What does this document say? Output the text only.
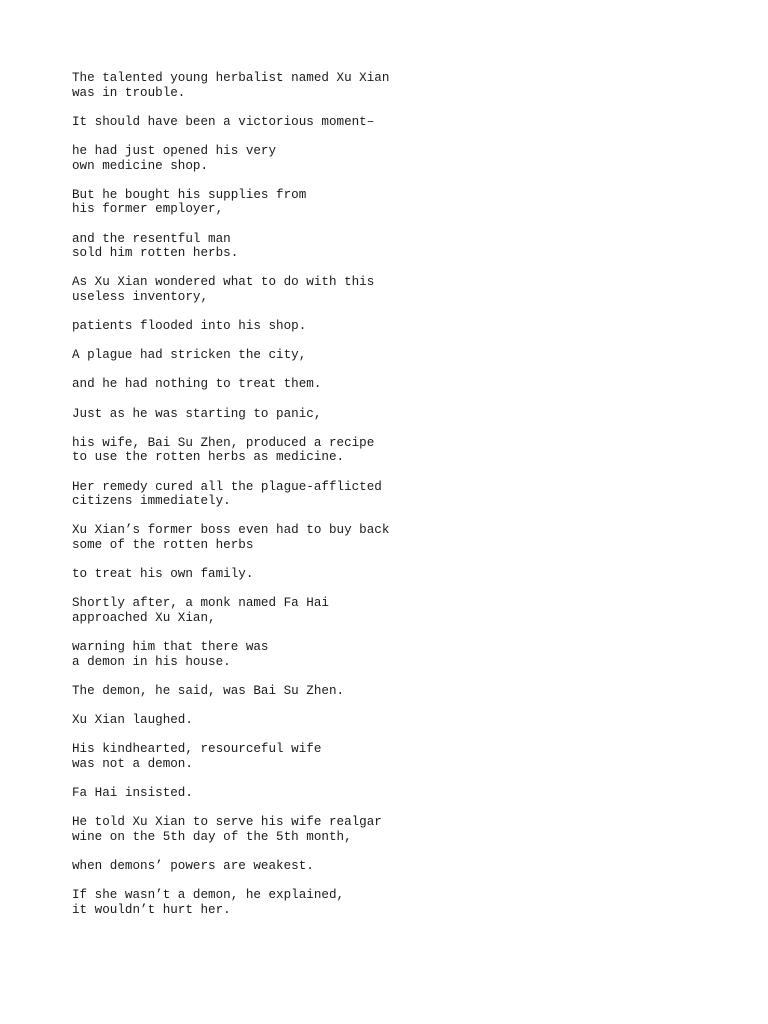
The talented young herbalist named Xu Xian
was in trouble.

It should have been a victorious moment–

he had just opened his very
own medicine shop.

But he bought his supplies from
his former employer,

and the resentful man
sold him rotten herbs.

As Xu Xian wondered what to do with this
useless inventory,

patients flooded into his shop.

A plague had stricken the city,

and he had nothing to treat them.

Just as he was starting to panic,

his wife, Bai Su Zhen, produced a recipe
to use the rotten herbs as medicine.

Her remedy cured all the plague-afflicted
citizens immediately.

Xu Xian’s former boss even had to buy back
some of the rotten herbs

to treat his own family.

Shortly after, a monk named Fa Hai
approached Xu Xian,

warning him that there was
a demon in his house.

The demon, he said, was Bai Su Zhen.

Xu Xian laughed.

His kindhearted, resourceful wife
was not a demon.

Fa Hai insisted.

He told Xu Xian to serve his wife realgar
wine on the 5th day of the 5th month,

when demons’ powers are weakest.

If she wasn’t a demon, he explained,
it wouldn’t hurt her.
